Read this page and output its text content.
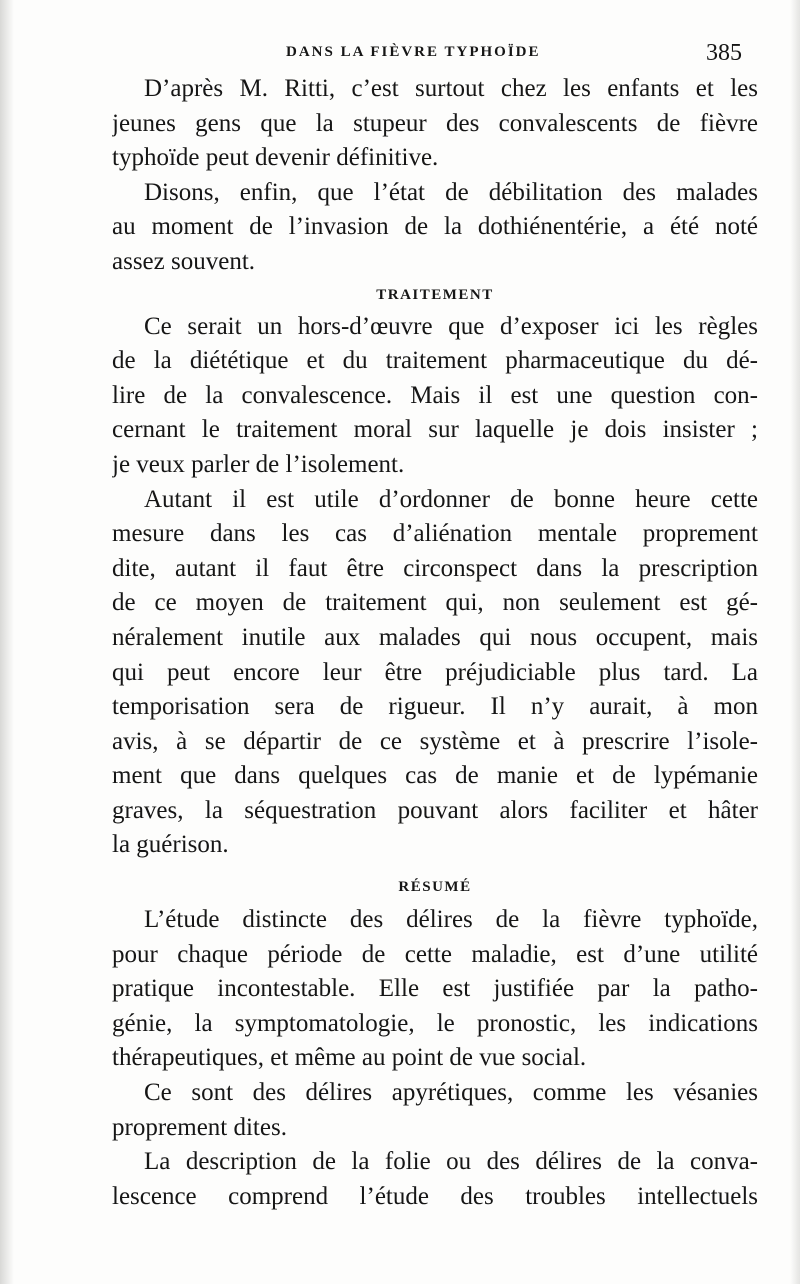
DANS LA FIÈVRE TYPHOÏDE	385
D’après M. Ritti, c’est surtout chez les enfants et les
jeunes gens que la stupeur des convalescents de fièvre
typhoïde peut devenir définitive.
Disons, enfin, que l’état de débilitation des malades
au moment de l’invasion de la dothiénentérie, a été noté
assez souvent.
TRAITEMENT
Ce serait un hors-d’œuvre que d’exposer ici les règles
de la diététique et du traitement pharmaceutique du dé-
lire de la convalescence. Mais il est une question con-
cernant le traitement moral sur laquelle je dois insister ;
je veux parler de l’isolement.
Autant il est utile d’ordonner de bonne heure cette
mesure dans les cas d’aliénation mentale proprement
dite, autant il faut être circonspect dans la prescription
de ce moyen de traitement qui, non seulement est gé-
néralement inutile aux malades qui nous occupent, mais
qui peut encore leur être préjudiciable plus tard. La
temporisation sera de rigueur. Il n’y aurait, à mon
avis, à se départir de ce système et à prescrire l’isole-
ment que dans quelques cas de manie et de lypémanie
graves, la séquestration pouvant alors faciliter et hâter
la guérison.
RÉSUMÉ
L’étude distincte des délires de la fièvre typhoïde,
pour chaque période de cette maladie, est d’une utilité
pratique incontestable. Elle est justifiée par la patho-
génie, la symptomatologie, le pronostic, les indications
thérapeutiques, et même au point de vue social.
Ce sont des délires apyrétiques, comme les vésanies
proprement dites.
La description de la folie ou des délires de la conva-
lescence comprend l’étude des troubles intellectuels
